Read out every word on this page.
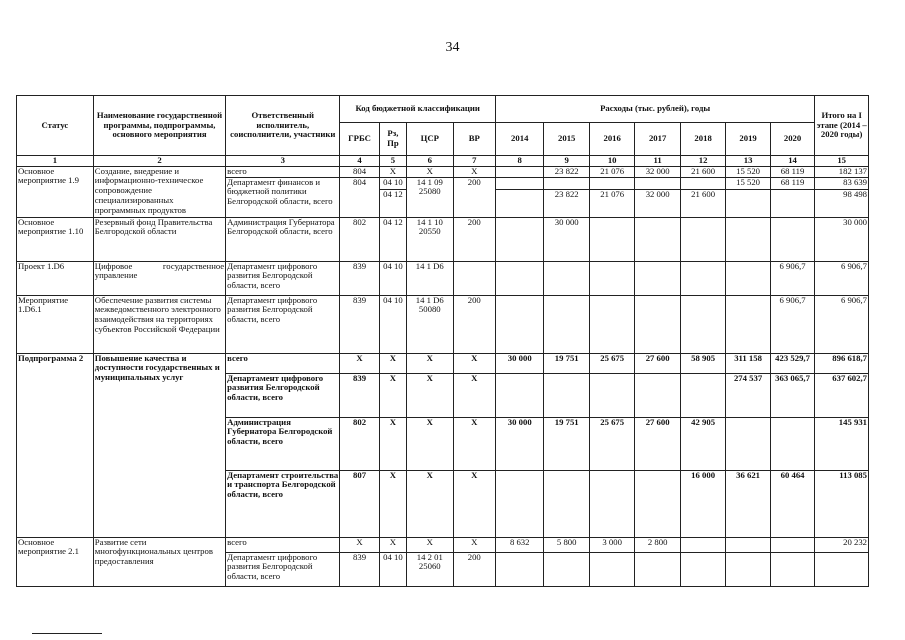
34
Статус	Наименование государственной программы, подпрограммы, основного мероприятия	Ответственный исполнитель, соисполнители, участники	Код бюджетной классификации				Расходы (тыс. рублей), годы							Итого на I этапе (2014 – 2020 годы)
			ГРБС	Рз, Пр	ЦСР	ВР	2014	2015	2016	2017	2018	2019	2020	
1	2	3	4	5	6	7	8	9	10	11	12	13	14	15
Основное мероприятие 1.9	Создание, внедрение и информационно-техническое сопровождение специализированных программных продуктов	всего	804	X	X	X		23 822	21 076	32 000	21 600	15 520	68 119	182 137
		Департамент финансов и бюджетной политики Белгородской области, всего	804	04 10	14 1 09 25080	200						15 520	68 119	83 639
				04 12				23 822	21 076	32 000	21 600			98 498

Основное мероприятие 1.10	Резервный фонд Правительства Белгородской области	Администрация Губернатора Белгородской области, всего	802	04 12	14 1 10 20550	200		30 000						30 000
Проект 1.D6	Цифровое государственное управление	Департамент цифрового развития Белгородской области, всего	839	04 10	14 1 D6								6 906,7	6 906,7
Мероприятие 1.D6.1	Обеспечение развития системы межведомственного электронного взаимодействия на территориях субъектов Российской Федерации	Департамент цифрового развития Белгородской области, всего	839	04 10	14 1 D6 50080	200							6 906,7	6 906,7
Подпрограмма 2	Повышение качества и доступности государственных и муниципальных услуг	всего	X	X	X	X	30 000	19 751	25 675	27 600	58 905	311 158	423 529,7	896 618,7
		Департамент цифрового развития Белгородской области, всего	839	X	X	X						274 537	363 065,7	637 602,7
		Администрация Губернатора Белгородской области, всего	802	X	X	X	30 000	19 751	25 675	27 600	42 905			145 931
		Департамент строительства и транспорта Белгородской области, всего	807	X	X	X					16 000	36 621	60 464	113 085
Основное мероприятие 2.1	Развитие сети многофункциональных центров предоставления	всего	X	X	X	X	8 632	5 800	3 000	2 800				20 232
		Департамент цифрового развития Белгородской области, всего	839	04 10	14 2 01 25060	200								
